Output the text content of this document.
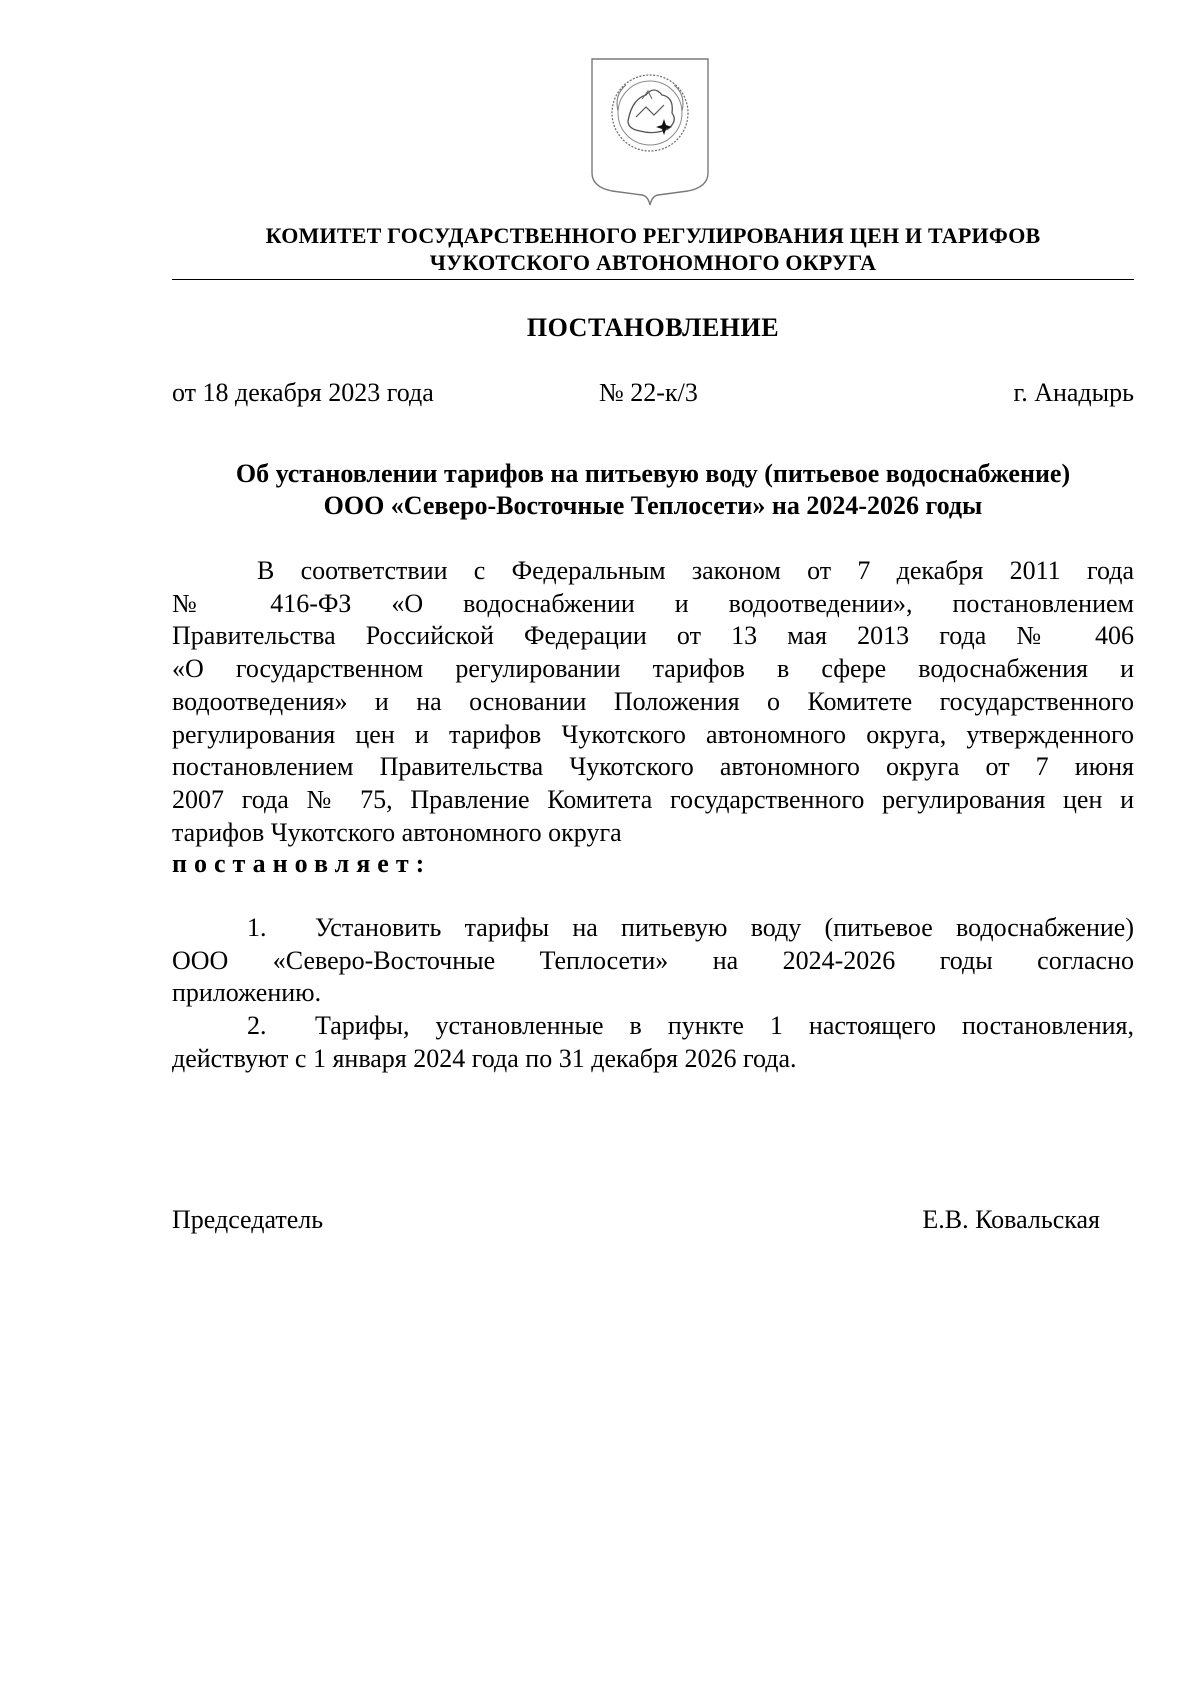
КОМИТЕТ ГОСУДАРСТВЕННОГО РЕГУЛИРОВАНИЯ ЦЕН И ТАРИФОВ
ЧУКОТСКОГО АВТОНОМНОГО ОКРУГА
ПОСТАНОВЛЕНИЕ
от 18 декабря 2023 года	№ 22-к/3	г. Анадырь
Об установлении тарифов на питьевую воду (питьевое водоснабжение)
ООО «Северо-Восточные Теплосети» на 2024-2026 годы
В соответствии с Федеральным законом от 7 декабря 2011 года
№ 416-ФЗ «О водоснабжении и водоотведении», постановлением
Правительства Российской Федерации от 13 мая 2013 года № 406
«О государственном регулировании тарифов в сфере водоснабжения и
водоотведения» и на основании Положения о Комитете государственного
регулирования цен и тарифов Чукотского автономного округа, утвержденного
постановлением Правительства Чукотского автономного округа от 7 июня
2007 года № 75, Правление Комитета государственного регулирования цен и
тарифов Чукотского автономного округа
постановляет:
1.	Установить тарифы на питьевую воду (питьевое водоснабжение)
ООО «Северо-Восточные Теплосети» на 2024-2026 годы согласно
приложению.
2.	Тарифы, установленные в пункте 1 настоящего постановления,
действуют с 1 января 2024 года по 31 декабря 2026 года.
Председатель	Е.В. Ковальская
